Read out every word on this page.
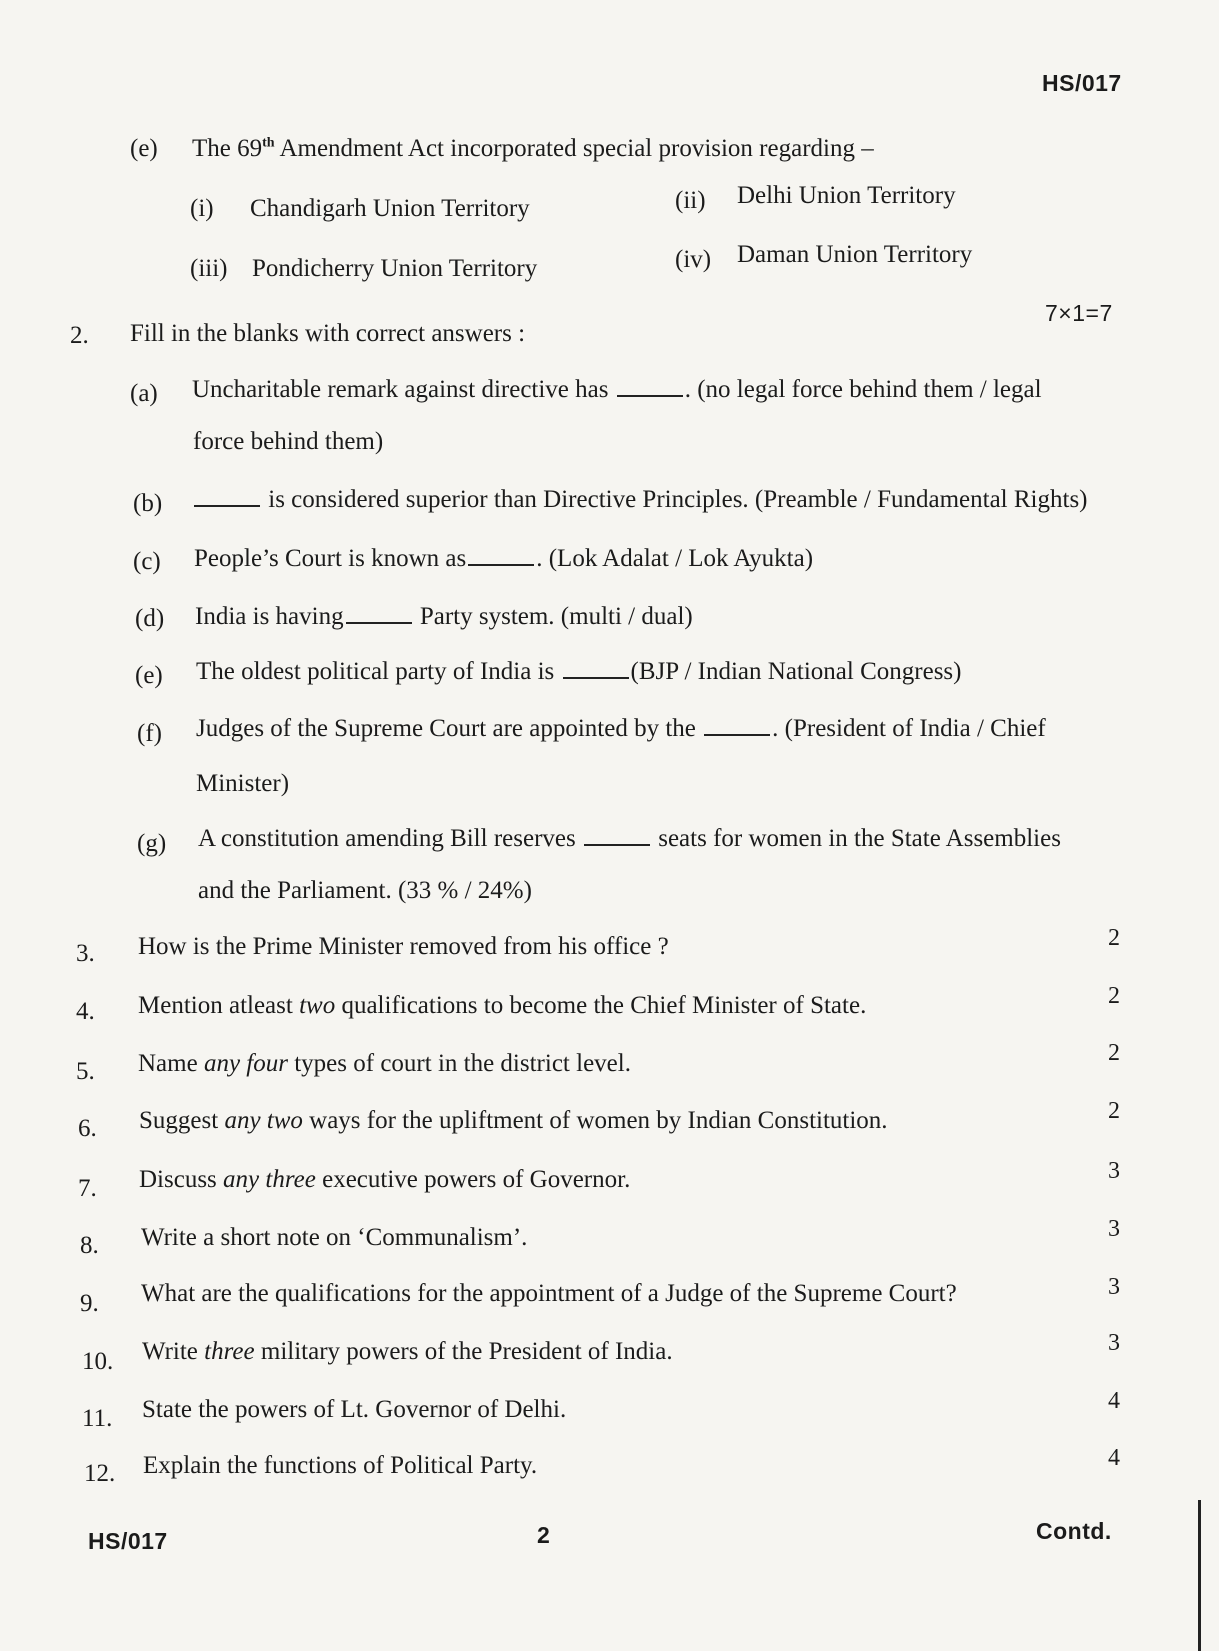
HS/017
(e) The 69th Amendment Act incorporated special provision regarding –
(i) Chandigarh Union Territory	(ii) Delhi Union Territory
(iii) Pondicherry Union Territory	(iv) Daman Union Territory
7×1=7
2. Fill in the blanks with correct answers :
(a) Uncharitable remark against directive has	. (no legal force behind them / legal
force behind them)
(b)	is considered superior than Directive Principles. (Preamble / Fundamental Rights)
(c) People’s Court is known as	. (Lok Adalat / Lok Ayukta)
(d) India is having	Party system. (multi / dual)
(e) The oldest political party of India is	(BJP / Indian National Congress)
(f) Judges of the Supreme Court are appointed by the	. (President of India / Chief
Minister)
(g) A constitution amending Bill reserves	seats for women in the State Assemblies
and the Parliament. (33 % / 24%)
3. How is the Prime Minister removed from his office ?	2
4. Mention atleast two qualifications to become the Chief Minister of State.	2
5. Name any four types of court in the district level.	2
6. Suggest any two ways for the upliftment of women by Indian Constitution.	2
7. Discuss any three executive powers of Governor.	3
8. Write a short note on ‘Communalism’.	3
9. What are the qualifications for the appointment of a Judge of the Supreme Court?	3
10. Write three military powers of the President of India.	3
11. State the powers of Lt. Governor of Delhi.	4
12. Explain the functions of Political Party.	4
HS/017	2	Contd.
